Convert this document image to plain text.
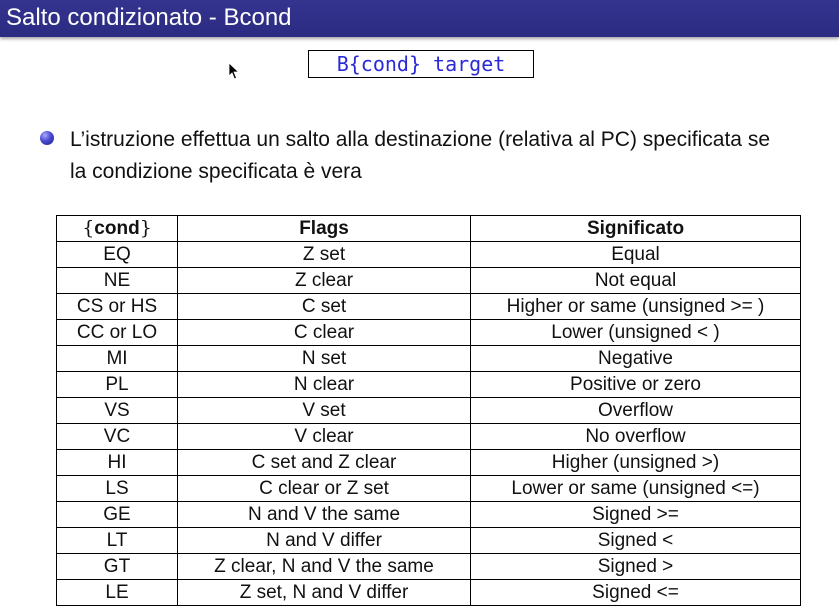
Salto condizionato - Bcond
B{cond} target
L’istruzione effettua un salto alla destinazione (relativa al PC) specificata se la condizione specificata è vera
{cond}	Flags	Significato
EQ	Z set	Equal
NE	Z clear	Not equal
CS or HS	C set	Higher or same (unsigned >= )
CC or LO	C clear	Lower (unsigned < )
MI	N set	Negative
PL	N clear	Positive or zero
VS	V set	Overflow
VC	V clear	No overflow
HI	C set and Z clear	Higher (unsigned >)
LS	C clear or Z set	Lower or same (unsigned <=)
GE	N and V the same	Signed >=
LT	N and V differ	Signed <
GT	Z clear, N and V the same	Signed >
LE	Z set, N and V differ	Signed <=
